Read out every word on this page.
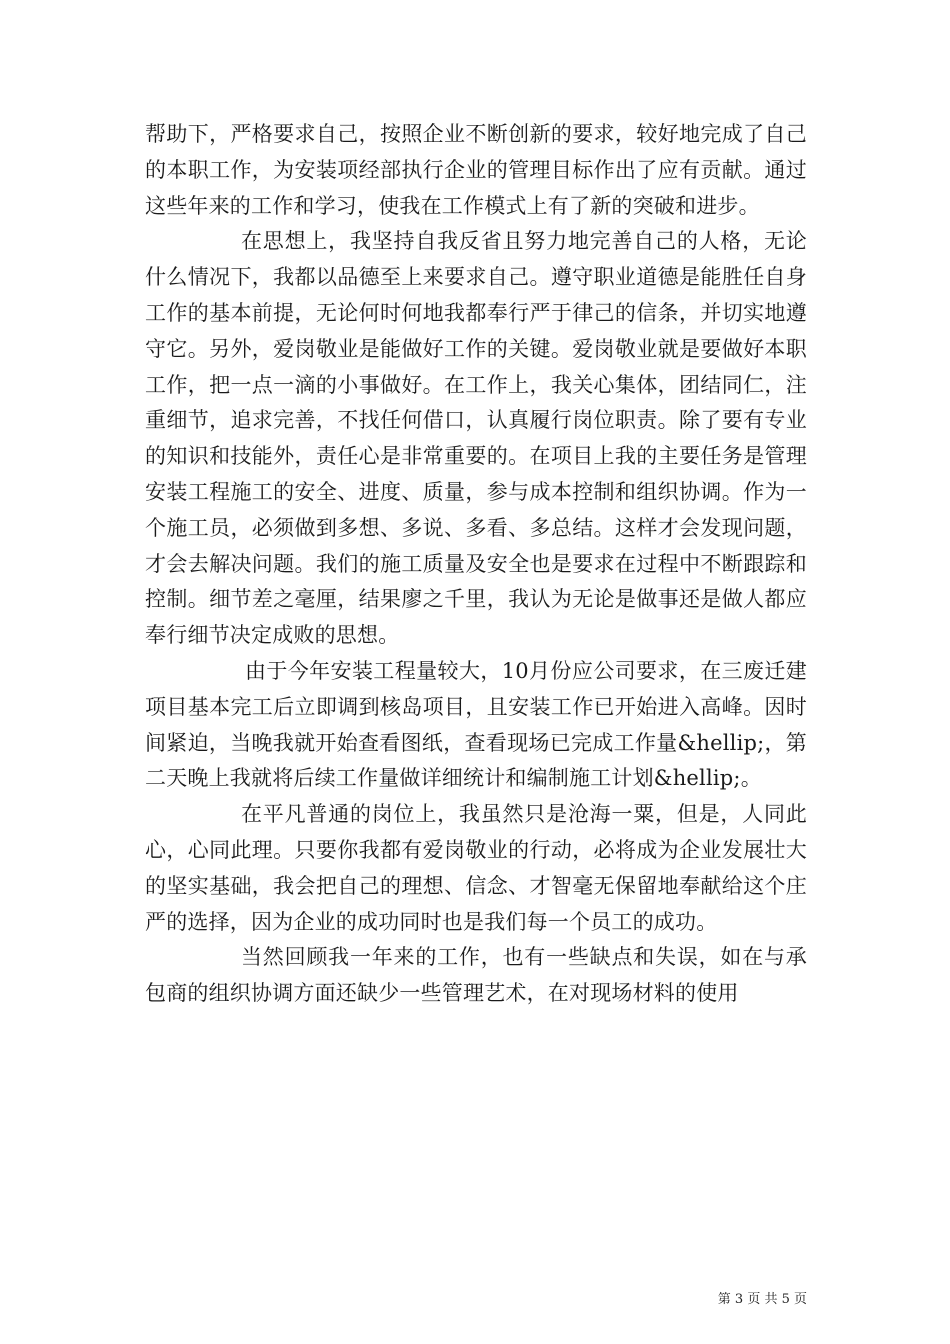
帮助下，严格要求自己，按照企业不断创新的要求，较好地完成了自己的本职工作，为安装项经部执行企业的管理目标作出了应有贡献。通过这些年来的工作和学习，使我在工作模式上有了新的突破和进步。

在思想上，我坚持自我反省且努力地完善自己的人格，无论什么情况下，我都以品德至上来要求自己。遵守职业道德是能胜任自身工作的基本前提，无论何时何地我都奉行严于律己的信条，并切实地遵守它。另外，爱岗敬业是能做好工作的关键。爱岗敬业就是要做好本职工作，把一点一滴的小事做好。在工作上，我关心集体，团结同仁，注重细节，追求完善，不找任何借口，认真履行岗位职责。除了要有专业的知识和技能外，责任心是非常重要的。在项目上我的主要任务是管理安装工程施工的安全、进度、质量，参与成本控制和组织协调。作为一个施工员，必须做到多想、多说、多看、多总结。这样才会发现问题，才会去解决问题。我们的施工质量及安全也是要求在过程中不断跟踪和控制。细节差之毫厘，结果廖之千里，我认为无论是做事还是做人都应奉行细节决定成败的思想。

由于今年安装工程量较大，10月份应公司要求，在三废迁建项目基本完工后立即调到核岛项目，且安装工作已开始进入高峰。因时间紧迫，当晚我就开始查看图纸，查看现场已完成工作量&hellip;，第二天晚上我就将后续工作量做详细统计和编制施工计划&hellip;。

在平凡普通的岗位上，我虽然只是沧海一粟，但是，人同此心，心同此理。只要你我都有爱岗敬业的行动，必将成为企业发展壮大的坚实基础，我会把自己的理想、信念、才智毫无保留地奉献给这个庄严的选择，因为企业的成功同时也是我们每一个员工的成功。

当然回顾我一年来的工作，也有一些缺点和失误，如在与承包商的组织协调方面还缺少一些管理艺术，在对现场材料的使用

第 3 页 共 5 页
